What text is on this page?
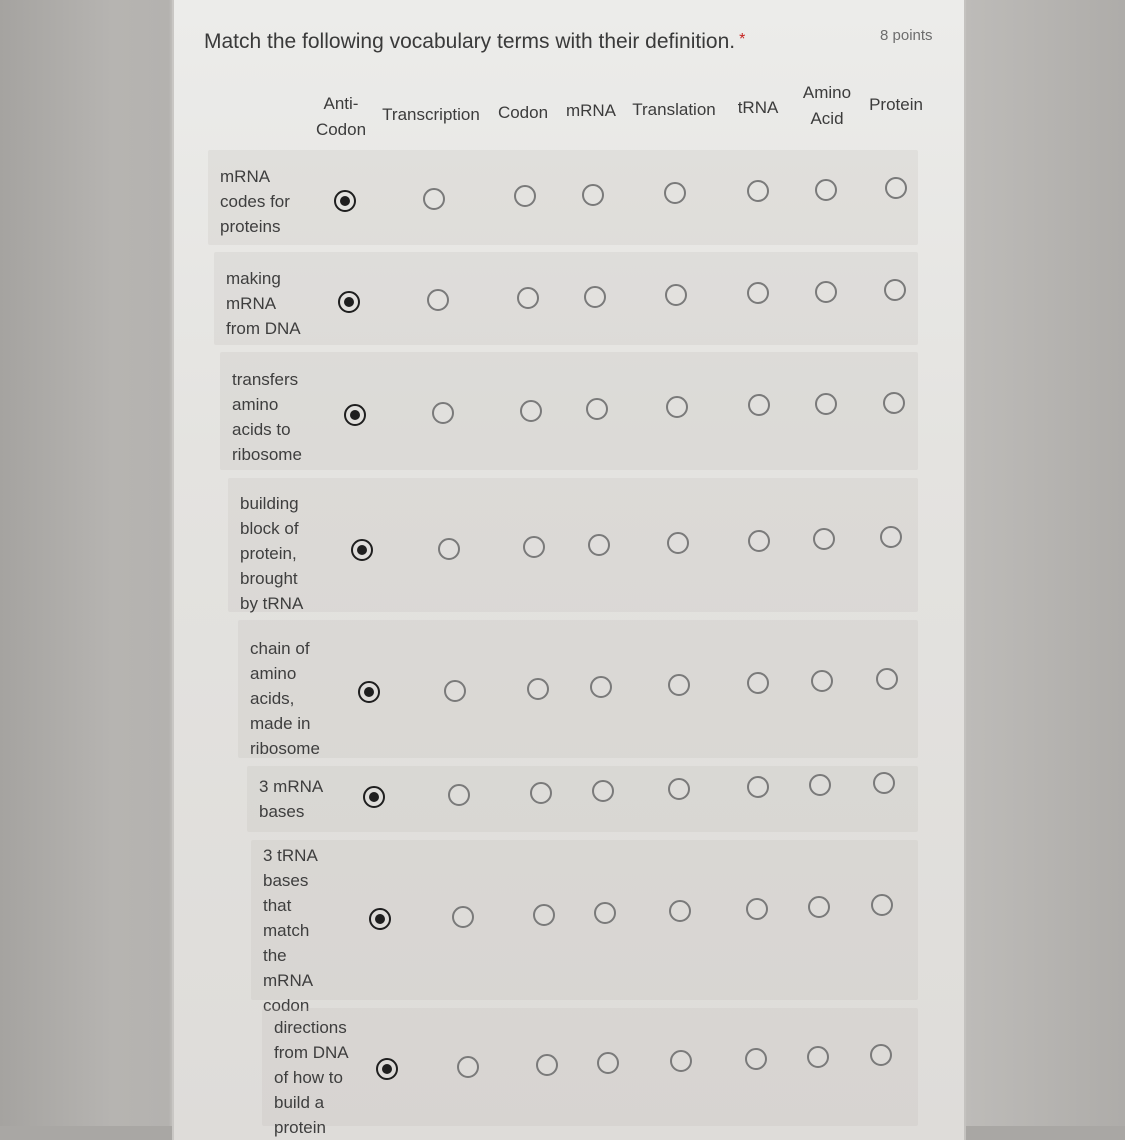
Match the following vocabulary terms with their definition. *	8 points
Anti-
Codon
Transcription Codon mRNA Translation tRNA
Amino
Acid
Protein
mRNA
codes for
proteins
making
mRNA
from DNA
transfers
amino
acids to
ribosome
building
block of
protein,
brought
by tRNA
chain of
amino
acids,
made in
ribosome
3 mRNA
bases
3 tRNA
bases
that
match
the
mRNA
codon
directions
from DNA
of how to
build a
protein
